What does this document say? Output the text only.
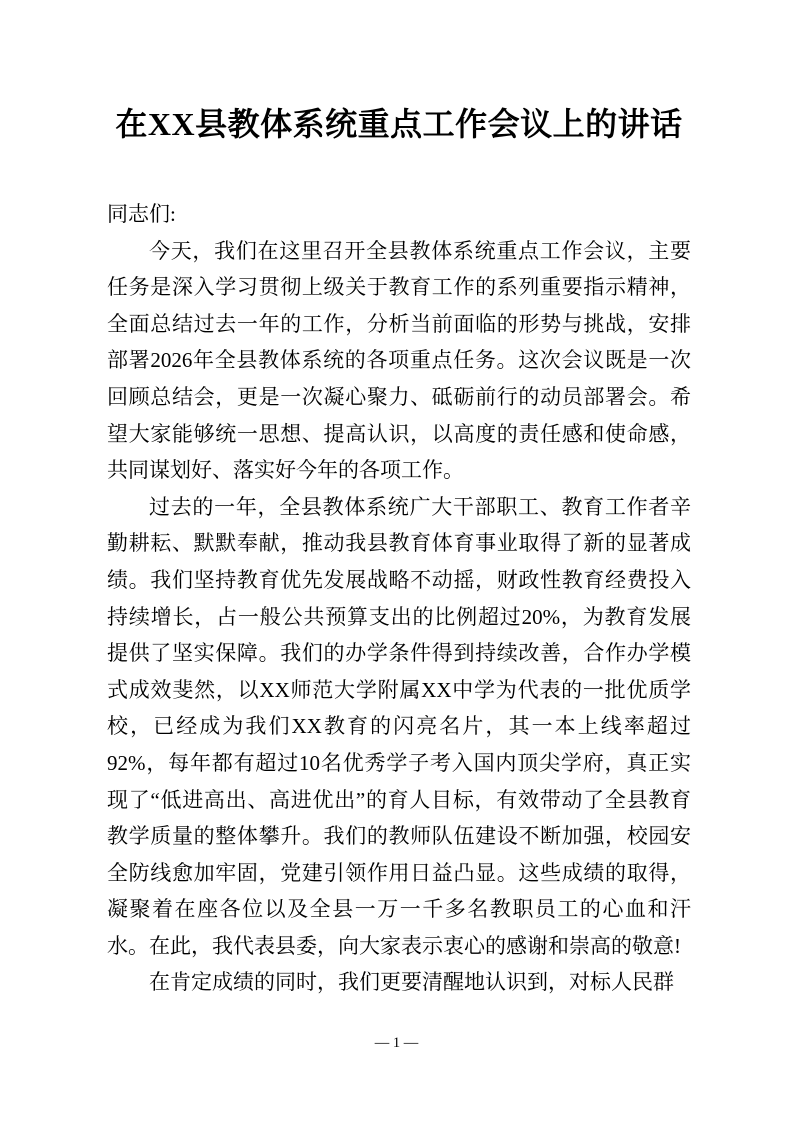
在XX县教体系统重点工作会议上的讲话

同志们:

今天，我们在这里召开全县教体系统重点工作会议，主要任务是深入学习贯彻上级关于教育工作的系列重要指示精神，全面总结过去一年的工作，分析当前面临的形势与挑战，安排部署2026年全县教体系统的各项重点任务。这次会议既是一次回顾总结会，更是一次凝心聚力、砥砺前行的动员部署会。希望大家能够统一思想、提高认识，以高度的责任感和使命感，共同谋划好、落实好今年的各项工作。

过去的一年，全县教体系统广大干部职工、教育工作者辛勤耕耘、默默奉献，推动我县教育体育事业取得了新的显著成绩。我们坚持教育优先发展战略不动摇，财政性教育经费投入持续增长，占一般公共预算支出的比例超过20%，为教育发展提供了坚实保障。我们的办学条件得到持续改善，合作办学模式成效斐然，以XX师范大学附属XX中学为代表的一批优质学校，已经成为我们XX教育的闪亮名片，其一本上线率超过92%，每年都有超过10名优秀学子考入国内顶尖学府，真正实现了“低进高出、高进优出”的育人目标，有效带动了全县教育教学质量的整体攀升。我们的教师队伍建设不断加强，校园安全防线愈加牢固，党建引领作用日益凸显。这些成绩的取得，凝聚着在座各位以及全县一万一千多名教职员工的心血和汗水。在此，我代表县委，向大家表示衷心的感谢和崇高的敬意!

在肯定成绩的同时，我们更要清醒地认识到，对标人民群

— 1 —
